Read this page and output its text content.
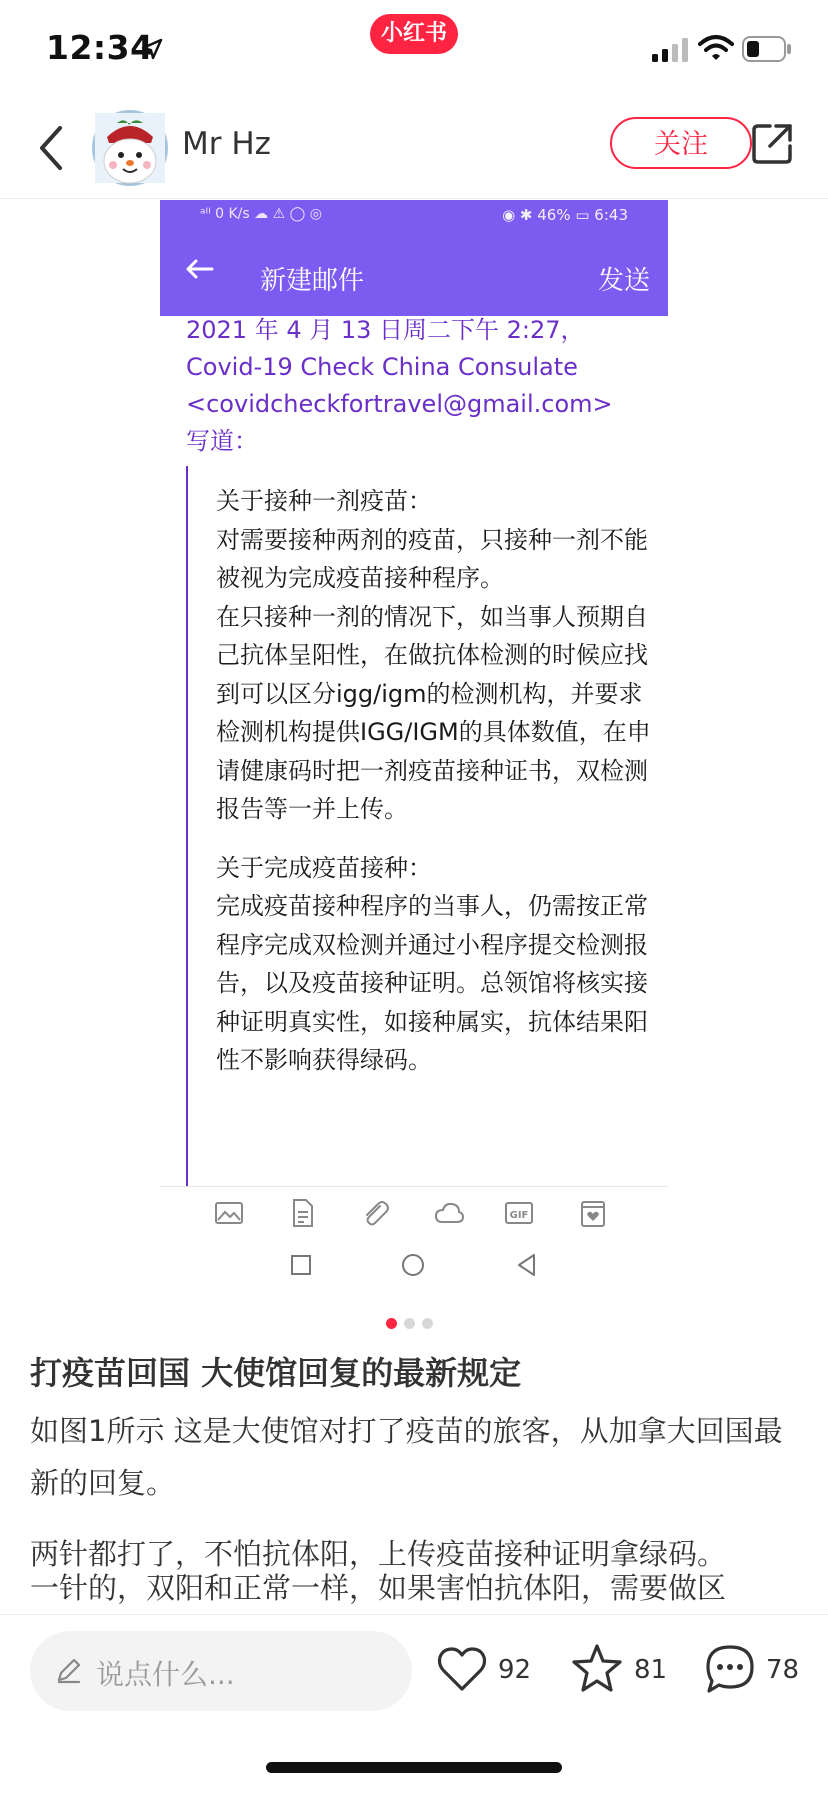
12:34	小红书
Mr Hz	关注
ᵃᴵᴵ 0 K/s ☁ ⚠ ◯ ◎	◉ ✱ 46% ▭ 6:43
新建邮件	发送
2021 年 4 月 13 日周二下午 2:27，Covid-19 Check China Consulate <covidcheckfortravel@gmail.com> 写道：

关于接种一剂疫苗：
对需要接种两剂的疫苗，只接种一剂不能被视为完成疫苗接种程序。
在只接种一剂的情况下，如当事人预期自己抗体呈阳性，在做抗体检测的时候应找到可以区分igg/igm的检测机构，并要求检测机构提供IGG/IGM的具体数值，在申请健康码时把一剂疫苗接种证书，双检测报告等一并上传。

关于完成疫苗接种：
完成疫苗接种程序的当事人，仍需按正常程序完成双检测并通过小程序提交检测报告，以及疫苗接种证明。总领馆将核实接种证明真实性，如接种属实，抗体结果阳性不影响获得绿码。

GIF
打疫苗回国 大使馆回复的最新规定

如图1所示 这是大使馆对打了疫苗的旅客，从加拿大回国最新的回复。

两针都打了，不怕抗体阳，上传疫苗接种证明拿绿码。

一针的，双阳和正常一样，如果害怕抗体阳，需要做区

说点什么...	92	81	78
